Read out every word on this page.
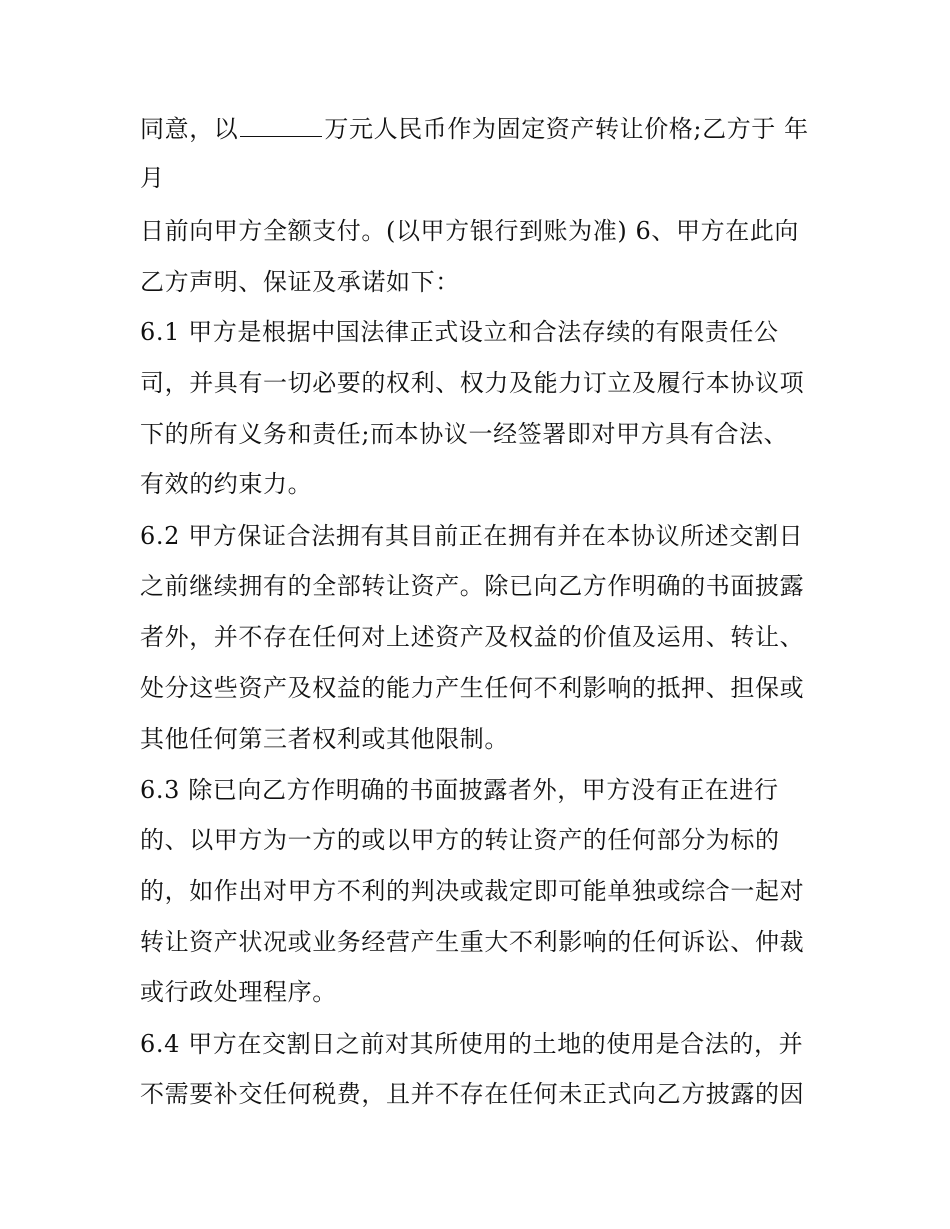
同意，以	万元人民币作为固定资产转让价格;乙方于 年
月
日前向甲方全额支付。(以甲方银行到账为准) 6、甲方在此向
乙方声明、保证及承诺如下：
6.1 甲方是根据中国法律正式设立和合法存续的有限责任公
司，并具有一切必要的权利、权力及能力订立及履行本协议项
下的所有义务和责任;而本协议一经签署即对甲方具有合法、
有效的约束力。
6.2 甲方保证合法拥有其目前正在拥有并在本协议所述交割日
之前继续拥有的全部转让资产。除已向乙方作明确的书面披露
者外，并不存在任何对上述资产及权益的价值及运用、转让、
处分这些资产及权益的能力产生任何不利影响的抵押、担保或
其他任何第三者权利或其他限制。
6.3 除已向乙方作明确的书面披露者外，甲方没有正在进行
的、以甲方为一方的或以甲方的转让资产的任何部分为标的
的，如作出对甲方不利的判决或裁定即可能单独或综合一起对
转让资产状况或业务经营产生重大不利影响的任何诉讼、仲裁
或行政处理程序。
6.4 甲方在交割日之前对其所使用的土地的使用是合法的，并
不需要补交任何税费，且并不存在任何未正式向乙方披露的因
